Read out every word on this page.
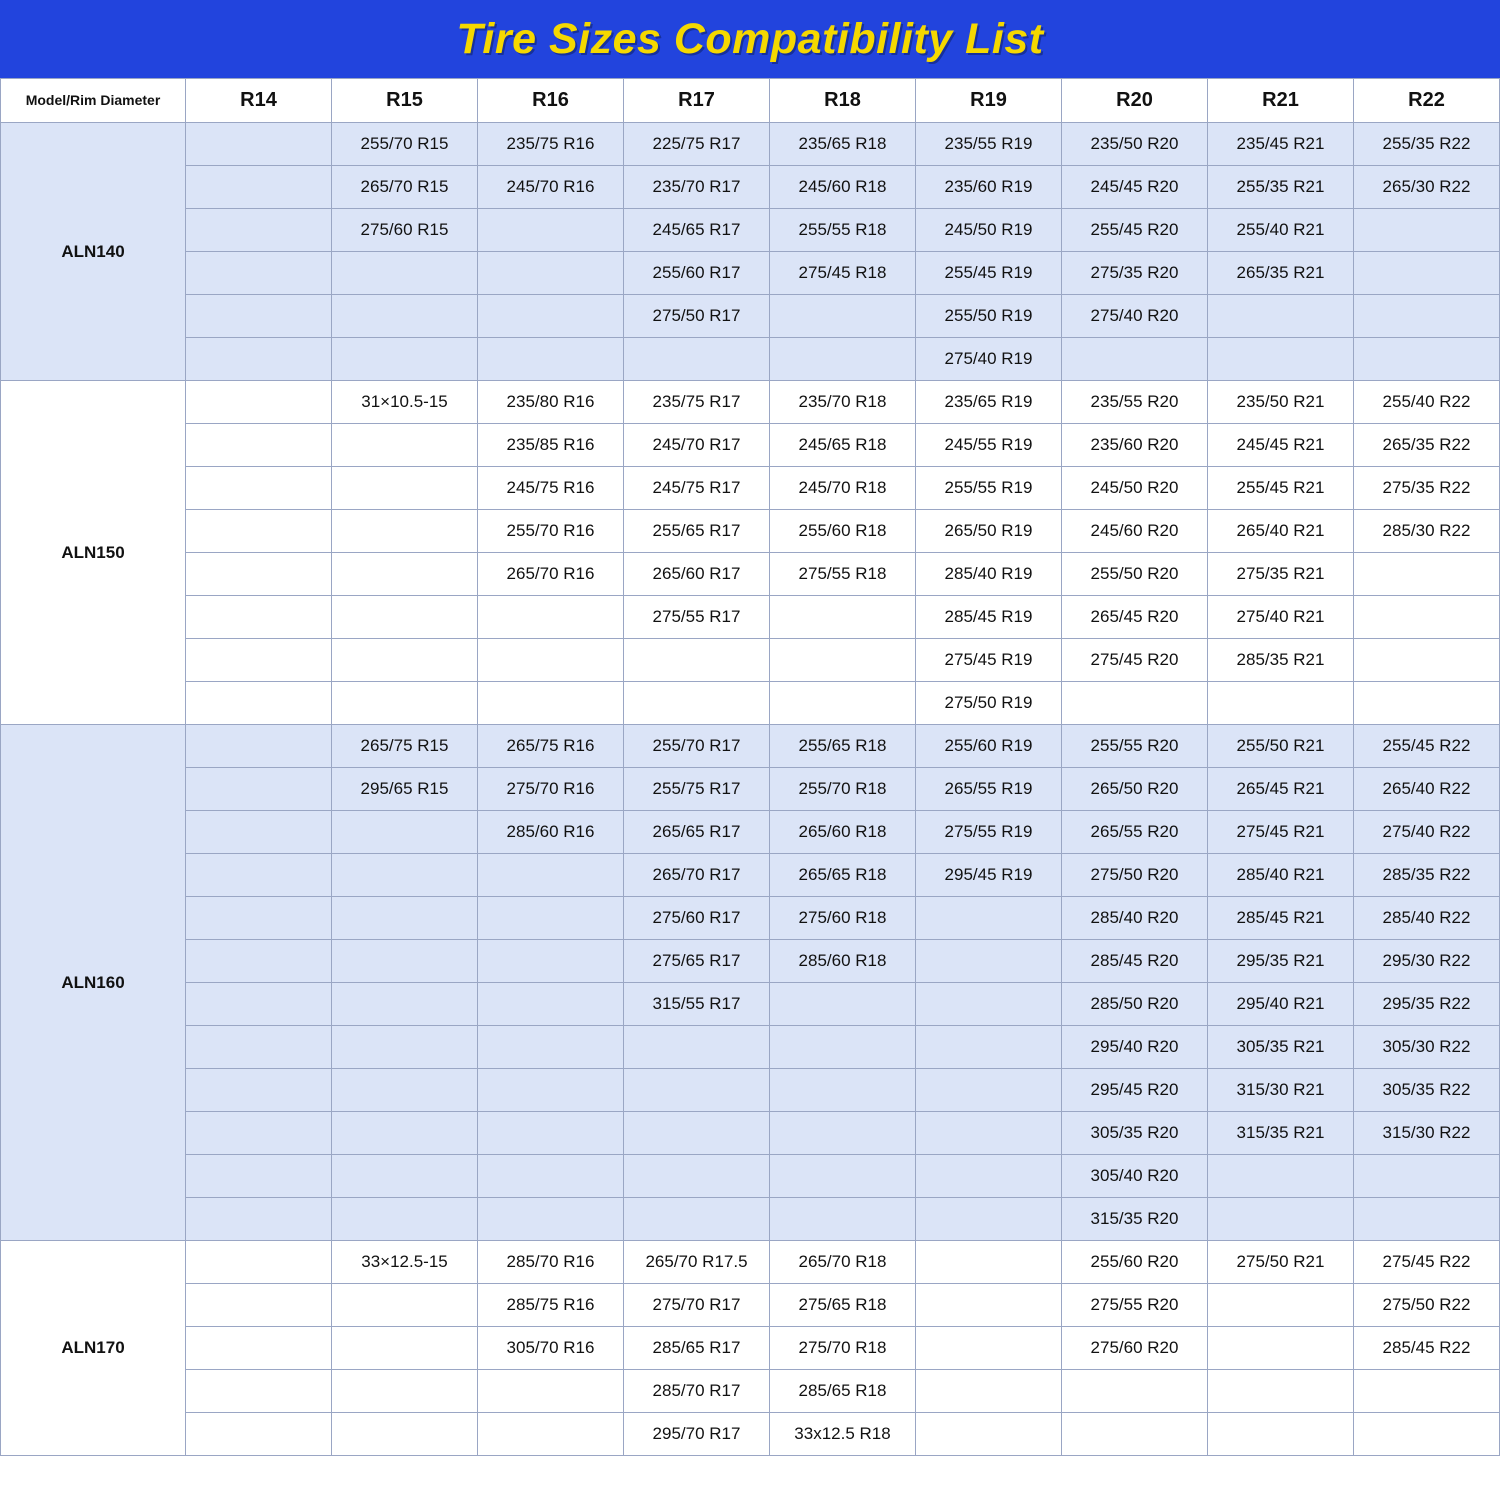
Tire Sizes Compatibility List
Model/Rim Diameter	R14	R15	R16	R17	R18	R19	R20	R21	R22
ALN140		255/70 R15	235/75 R16	225/75 R17	235/65 R18	235/55 R19	235/50 R20	235/45 R21	255/35 R22
		265/70 R15	245/70 R16	235/70 R17	245/60 R18	235/60 R19	245/45 R20	255/35 R21	265/30 R22
		275/60 R15		245/65 R17	255/55 R18	245/50 R19	255/45 R20	255/40 R21	
				255/60 R17	275/45 R18	255/45 R19	275/35 R20	265/35 R21	
				275/50 R17		255/50 R19	275/40 R20		
						275/40 R19			
ALN150		31×10.5-15	235/80 R16	235/75 R17	235/70 R18	235/65 R19	235/55 R20	235/50 R21	255/40 R22
			235/85 R16	245/70 R17	245/65 R18	245/55 R19	235/60 R20	245/45 R21	265/35 R22
			245/75 R16	245/75 R17	245/70 R18	255/55 R19	245/50 R20	255/45 R21	275/35 R22
			255/70 R16	255/65 R17	255/60 R18	265/50 R19	245/60 R20	265/40 R21	285/30 R22
			265/70 R16	265/60 R17	275/55 R18	285/40 R19	255/50 R20	275/35 R21	
				275/55 R17		285/45 R19	265/45 R20	275/40 R21	
						275/45 R19	275/45 R20	285/35 R21	
						275/50 R19			
ALN160		265/75 R15	265/75 R16	255/70 R17	255/65 R18	255/60 R19	255/55 R20	255/50 R21	255/45 R22
		295/65 R15	275/70 R16	255/75 R17	255/70 R18	265/55 R19	265/50 R20	265/45 R21	265/40 R22
			285/60 R16	265/65 R17	265/60 R18	275/55 R19	265/55 R20	275/45 R21	275/40 R22
				265/70 R17	265/65 R18	295/45 R19	275/50 R20	285/40 R21	285/35 R22
				275/60 R17	275/60 R18		285/40 R20	285/45 R21	285/40 R22
				275/65 R17	285/60 R18		285/45 R20	295/35 R21	295/30 R22
				315/55 R17			285/50 R20	295/40 R21	295/35 R22
							295/40 R20	305/35 R21	305/30 R22
							295/45 R20	315/30 R21	305/35 R22
							305/35 R20	315/35 R21	315/30 R22
							305/40 R20		
							315/35 R20		
ALN170		33×12.5-15	285/70 R16	265/70 R17.5	265/70 R18		255/60 R20	275/50 R21	275/45 R22
			285/75 R16	275/70 R17	275/65 R18		275/55 R20		275/50 R22
			305/70 R16	285/65 R17	275/70 R18		275/60 R20		285/45 R22
				285/70 R17	285/65 R18				
				295/70 R17	33x12.5 R18				
